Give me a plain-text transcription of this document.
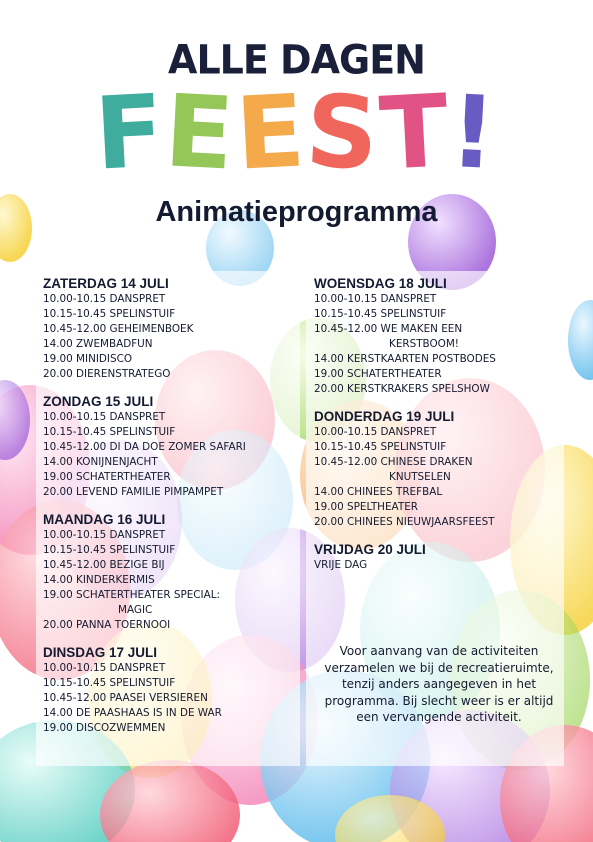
ALLE DAGEN
FEEST!
Animatieprogramma
ZATERDAG 14 JULI
10.00-10.15 DANSPRET
10.15-10.45 SPELINSTUIF
10.45-12.00 GEHEIMENBOEK
14.00 ZWEMBADFUN
19.00 MINIDISCO
20.00 DIERENSTRATEGO
ZONDAG 15 JULI
10.00-10.15 DANSPRET
10.15-10.45 SPELINSTUIF
10.45-12.00 DI DA DOE ZOMER SAFARI
14.00 KONIJNENJACHT
19.00 SCHATERTHEATER
20.00 LEVEND FAMILIE PIMPAMPET
MAANDAG 16 JULI
10.00-10.15 DANSPRET
10.15-10.45 SPELINSTUIF
10.45-12.00 BEZIGE BIJ
14.00 KINDERKERMIS
19.00 SCHATERTHEATER SPECIAL:
MAGIC
20.00 PANNA TOERNOOI
DINSDAG 17 JULI
10.00-10.15 DANSPRET
10.15-10.45 SPELINSTUIF
10.45-12.00 PAASEI VERSIEREN
14.00 DE PAASHAAS IS IN DE WAR
19.00 DISCOZWEMMEN
WOENSDAG 18 JULI
10.00-10.15 DANSPRET
10.15-10.45 SPELINSTUIF
10.45-12.00 WE MAKEN EEN
KERSTBOOM!
14.00 KERSTKAARTEN POSTBODES
19.00 SCHATERTHEATER
20.00 KERSTKRAKERS SPELSHOW
DONDERDAG 19 JULI
10.00-10.15 DANSPRET
10.15-10.45 SPELINSTUIF
10.45-12.00 CHINESE DRAKEN
KNUTSELEN
14.00 CHINEES TREFBAL
19.00 SPELTHEATER
20.00 CHINEES NIEUWJAARSFEEST
VRIJDAG 20 JULI
VRIJE DAG
Voor aanvang van de activiteiten verzamelen we bij de recreatieruimte, tenzij anders aangegeven in het programma. Bij slecht weer is er altijd een vervangende activiteit.
